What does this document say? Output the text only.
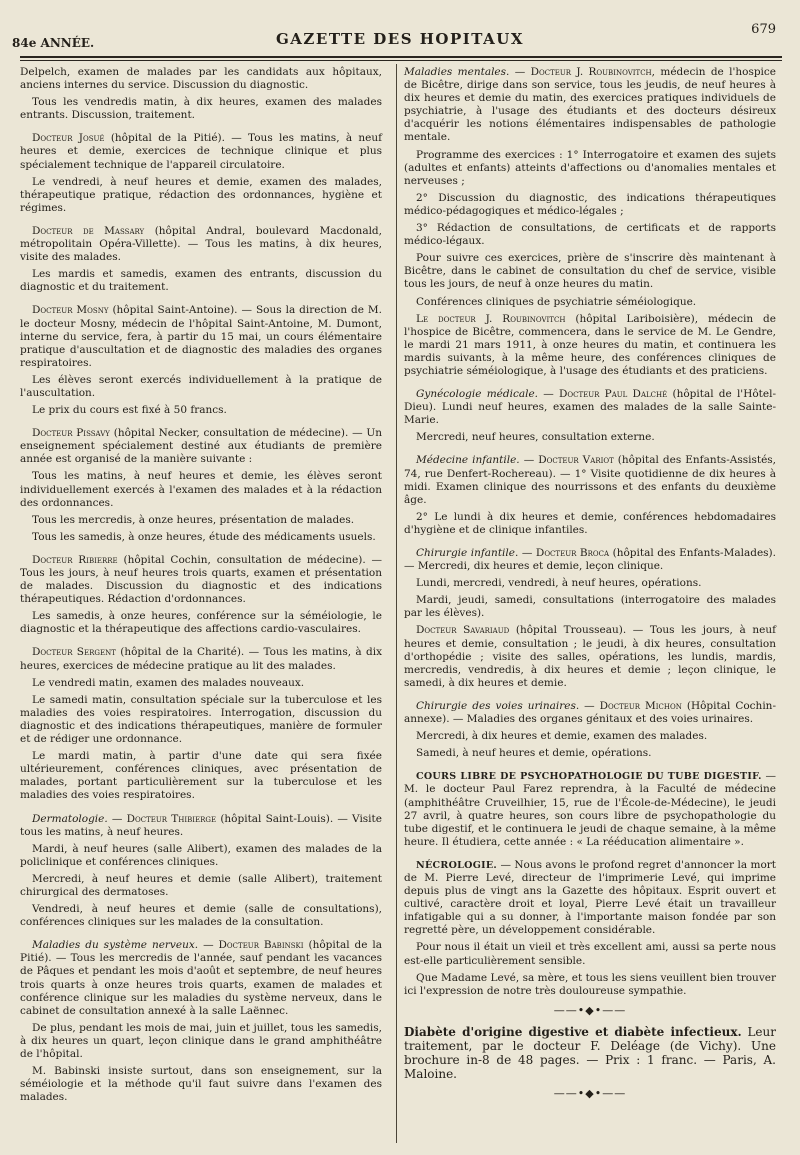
84e ANNÉE.	GAZETTE DES HOPITAUX
679

Delpelch, examen de malades par les candidats aux hôpitaux, anciens internes du service. Discussion du diagnostic.

Tous les vendredis matin, à dix heures, examen des malades entrants. Discussion, traitement.

Docteur Josué (hôpital de la Pitié). — Tous les matins, à neuf heures et demie, exercices de technique clinique et plus spécialement technique de l'appareil circulatoire.

Le vendredi, à neuf heures et demie, examen des malades, thérapeutique pratique, rédaction des ordonnances, hygiène et régimes.

Docteur de Massary (hôpital Andral, boulevard Macdonald, métropolitain Opéra-Villette). — Tous les matins, à dix heures, visite des malades.

Les mardis et samedis, examen des entrants, discussion du diagnostic et du traitement.

Docteur Mosny (hôpital Saint-Antoine). — Sous la direction de M. le docteur Mosny, médecin de l'hôpital Saint-Antoine, M. Dumont, interne du service, fera, à partir du 15 mai, un cours élémentaire pratique d'auscultation et de diagnostic des maladies des organes respiratoires.

Les élèves seront exercés individuellement à la pratique de l'auscultation.

Le prix du cours est fixé à 50 francs.

Docteur Pissavy (hôpital Necker, consultation de médecine). — Un enseignement spécialement destiné aux étudiants de première année est organisé de la manière suivante :

Tous les matins, à neuf heures et demie, les élèves seront individuellement exercés à l'examen des malades et à la rédaction des ordonnances.

Tous les mercredis, à onze heures, présentation de malades.

Tous les samedis, à onze heures, étude des médicaments usuels.

Docteur Ribierre (hôpital Cochin, consultation de médecine). — Tous les jours, à neuf heures trois quarts, examen et présentation de malades. Discussion du diagnostic et des indications thérapeutiques. Rédaction d'ordonnances.

Les samedis, à onze heures, conférence sur la séméiologie, le diagnostic et la thérapeutique des affections cardio-vasculaires.

Docteur Sergent (hôpital de la Charité). — Tous les matins, à dix heures, exercices de médecine pratique au lit des malades.

Le vendredi matin, examen des malades nouveaux.

Le samedi matin, consultation spéciale sur la tuberculose et les maladies des voies respiratoires. Interrogation, discussion du diagnostic et des indications thérapeutiques, manière de formuler et de rédiger une ordonnance.

Le mardi matin, à partir d'une date qui sera fixée ultérieurement, conférences cliniques, avec présentation de malades, portant particulièrement sur la tuberculose et les maladies des voies respiratoires.

Dermatologie. — Docteur Thibierge (hôpital Saint-Louis). — Visite tous les matins, à neuf heures.

Mardi, à neuf heures (salle Alibert), examen des malades de la policlinique et conférences cliniques.

Mercredi, à neuf heures et demie (salle Alibert), traitement chirurgical des dermatoses.

Vendredi, à neuf heures et demie (salle de consultations), conférences cliniques sur les malades de la consultation.

Maladies du système nerveux. — Docteur Babinski (hôpital de la Pitié). — Tous les mercredis de l'année, sauf pendant les vacances de Pâques et pendant les mois d'août et septembre, de neuf heures trois quarts à onze heures trois quarts, examen de malades et conférence clinique sur les maladies du système nerveux, dans le cabinet de consultation annexé à la salle Laënnec.

De plus, pendant les mois de mai, juin et juillet, tous les samedis, à dix heures un quart, leçon clinique dans le grand amphithéâtre de l'hôpital.

M. Babinski insiste surtout, dans son enseignement, sur la séméiologie et la méthode qu'il faut suivre dans l'examen des malades.

Maladies mentales. — Docteur J. Roubinovitch, médecin de l'hospice de Bicêtre, dirige dans son service, tous les jeudis, de neuf heures à dix heures et demie du matin, des exercices pratiques individuels de psychiatrie, à l'usage des étudiants et des docteurs désireux d'acquérir les notions élémentaires indispensables de pathologie mentale.

Programme des exercices : 1° Interrogatoire et examen des sujets (adultes et enfants) atteints d'affections ou d'anomalies mentales et nerveuses ;

2° Discussion du diagnostic, des indications thérapeutiques médico-pédagogiques et médico-légales ;

3° Rédaction de consultations, de certificats et de rapports médico-légaux.

Pour suivre ces exercices, prière de s'inscrire dès maintenant à Bicêtre, dans le cabinet de consultation du chef de service, visible tous les jours, de neuf à onze heures du matin.

Conférences cliniques de psychiatrie séméiologique.

Le docteur J. Roubinovitch (hôpital Lariboisière), médecin de l'hospice de Bicêtre, commencera, dans le service de M. Le Gendre, le mardi 21 mars 1911, à onze heures du matin, et continuera les mardis suivants, à la même heure, des conférences cliniques de psychiatrie séméiologique, à l'usage des étudiants et des praticiens.

Gynécologie médicale. — Docteur Paul Dalché (hôpital de l'Hôtel-Dieu). Lundi neuf heures, examen des malades de la salle Sainte-Marie.

Mercredi, neuf heures, consultation externe.

Médecine infantile. — Docteur Variot (hôpital des Enfants-Assistés, 74, rue Denfert-Rochereau). — 1° Visite quotidienne de dix heures à midi. Examen clinique des nourrissons et des enfants du deuxième âge.

2° Le lundi à dix heures et demie, conférences hebdomadaires d'hygiène et de clinique infantiles.

Chirurgie infantile. — Docteur Broca (hôpital des Enfants-Malades). — Mercredi, dix heures et demie, leçon clinique.

Lundi, mercredi, vendredi, à neuf heures, opérations.

Mardi, jeudi, samedi, consultations (interrogatoire des malades par les élèves).

Docteur Savariaud (hôpital Trousseau). — Tous les jours, à neuf heures et demie, consultation ; le jeudi, à dix heures, consultation d'orthopédie ; visite des salles, opérations, les lundis, mardis, mercredis, vendredis, à dix heures et demie ; leçon clinique, le samedi, à dix heures et demie.

Chirurgie des voies urinaires. — Docteur Michon (Hôpital Cochin-annexe). — Maladies des organes génitaux et des voies urinaires.

Mercredi, à dix heures et demie, examen des malades.

Samedi, à neuf heures et demie, opérations.

COURS LIBRE DE PSYCHOPATHOLOGIE DU TUBE DIGESTIF. — M. le docteur Paul Farez reprendra, à la Faculté de médecine (amphithéâtre Cruveilhier, 15, rue de l'École-de-Médecine), le jeudi 27 avril, à quatre heures, son cours libre de psychopathologie du tube digestif, et le continuera le jeudi de chaque semaine, à la même heure. Il étudiera, cette année : « La rééducation alimentaire ».

NÉCROLOGIE. — Nous avons le profond regret d'annoncer la mort de M. Pierre Levé, directeur de l'imprimerie Levé, qui imprime depuis plus de vingt ans la Gazette des hôpitaux. Esprit ouvert et cultivé, caractère droit et loyal, Pierre Levé était un travailleur infatigable qui a su donner, à l'importante maison fondée par son regretté père, un développement considérable.

Pour nous il était un vieil et très excellent ami, aussi sa perte nous est-elle particulièrement sensible.

Que Madame Levé, sa mère, et tous les siens veuillent bien trouver ici l'expression de notre très douloureuse sympathie.

——•◆•——

Diabète d'origine digestive et diabète infectieux. Leur traitement, par le docteur F. Deléage (de Vichy). Une brochure in-8 de 48 pages. — Prix : 1 franc. — Paris, A. Maloine.

——•◆•——
